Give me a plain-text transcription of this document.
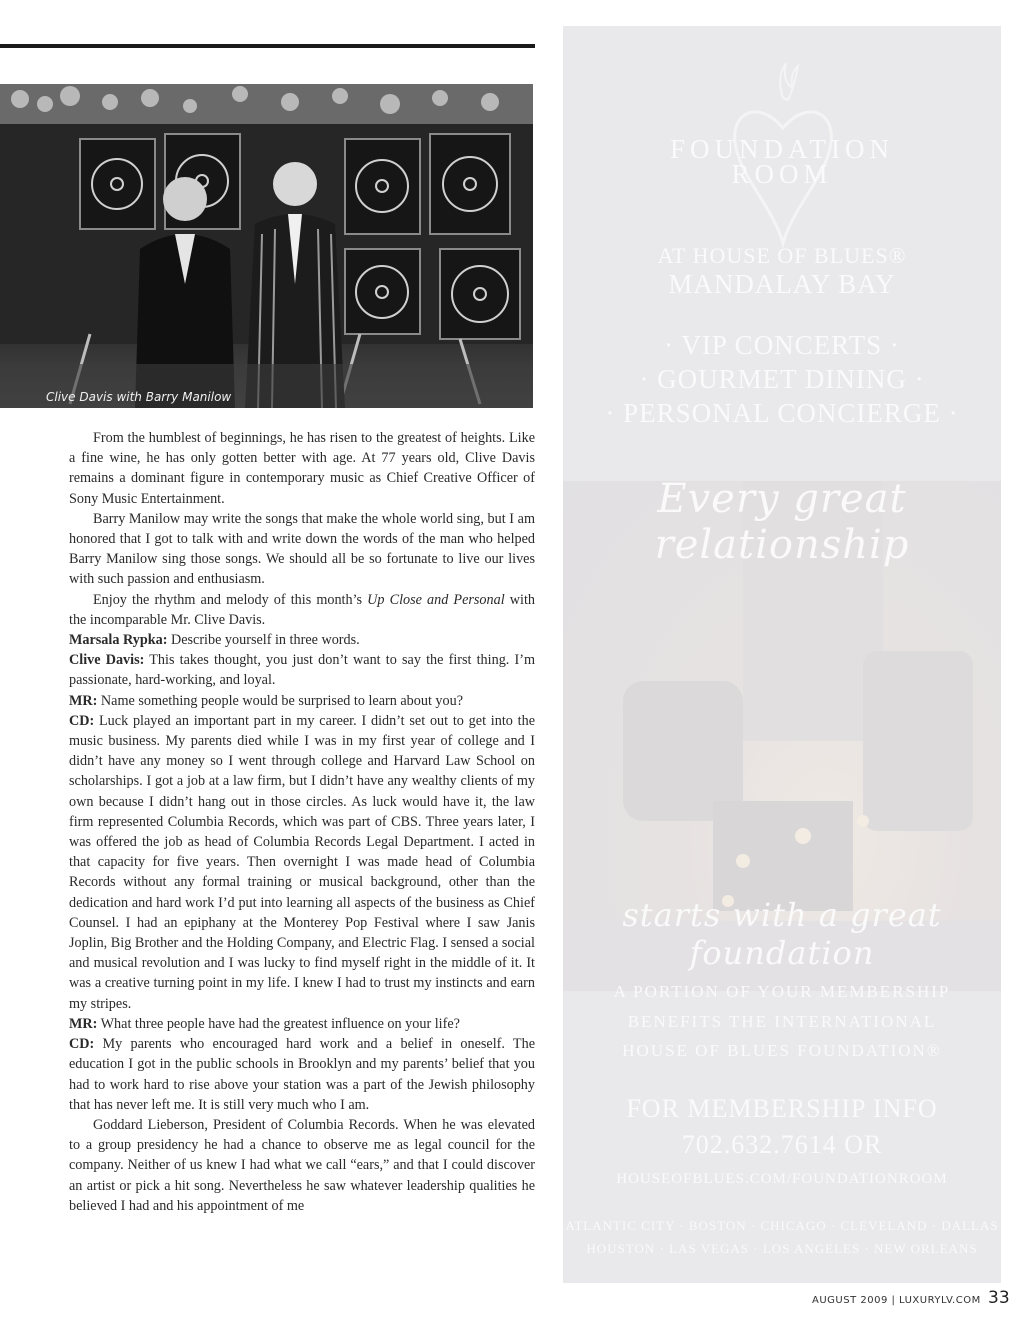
Clive Davis with Barry Manilow

From the humblest of beginnings, he has risen to the greatest of heights. Like a fine wine, he has only gotten better with age. At 77 years old, Clive Davis remains a dominant figure in contemporary music as Chief Creative Officer of Sony Music Entertainment.

Barry Manilow may write the songs that make the whole world sing, but I am honored that I got to talk with and write down the words of the man who helped Barry Manilow sing those songs. We should all be so fortunate to live our lives with such passion and enthusiasm.

Enjoy the rhythm and melody of this month’s Up Close and Personal with the incomparable Mr. Clive Davis.

Marsala Rypka: Describe yourself in three words.

Clive Davis: This takes thought, you just don’t want to say the first thing. I’m passionate, hard-working, and loyal.

MR: Name something people would be surprised to learn about you?

CD: Luck played an important part in my career. I didn’t set out to get into the music business. My parents died while I was in my first year of college and I didn’t have any money so I went through college and Harvard Law School on scholarships. I got a job at a law firm, but I didn’t have any wealthy clients of my own because I didn’t hang out in those circles. As luck would have it, the law firm represented Columbia Records, which was part of CBS. Three years later, I was offered the job as head of Columbia Records Legal Department. I acted in that capacity for five years. Then overnight I was made head of Columbia Records without any formal training or musical background, other than the dedication and hard work I’d put into learning all aspects of the business as Chief Counsel. I had an epiphany at the Monterey Pop Festival where I saw Janis Joplin, Big Brother and the Holding Company, and Electric Flag. I sensed a social and musical revolution and I was lucky to find myself right in the middle of it. It was a creative turning point in my life. I knew I had to trust my instincts and earn my stripes.

MR: What three people have had the greatest influence on your life?

CD: My parents who encouraged hard work and a belief in oneself. The education I got in the public schools in Brooklyn and my parents’ belief that you had to work hard to rise above your station was a part of the Jewish philosophy that has never left me. It is still very much who I am.

Goddard Lieberson, President of Columbia Records. When he was elevated to a group presidency he had a chance to observe me as legal council for the company. Neither of us knew I had what we call “ears,” and that I could discover an artist or pick a hit song. Nevertheless he saw whatever leadership qualities he believed I had and his appointment of me

FOUNDATION
ROOM
AT HOUSE OF BLUES®
MANDALAY BAY
· VIP CONCERTS ·
· GOURMET DINING ·
· PERSONAL CONCIERGE ·
Every great relationship
starts with a great foundation
A PORTION OF YOUR MEMBERSHIP
BENEFITS THE INTERNATIONAL
HOUSE OF BLUES FOUNDATION®
FOR MEMBERSHIP INFO
702.632.7614 OR
HOUSEOFBLUES.COM/FOUNDATIONROOM
ATLANTIC CITY · BOSTON · CHICAGO · CLEVELAND · DALLAS
HOUSTON · LAS VEGAS · LOS ANGELES · NEW ORLEANS
AUGUST 2009 | LUXURYLV.COM 33
